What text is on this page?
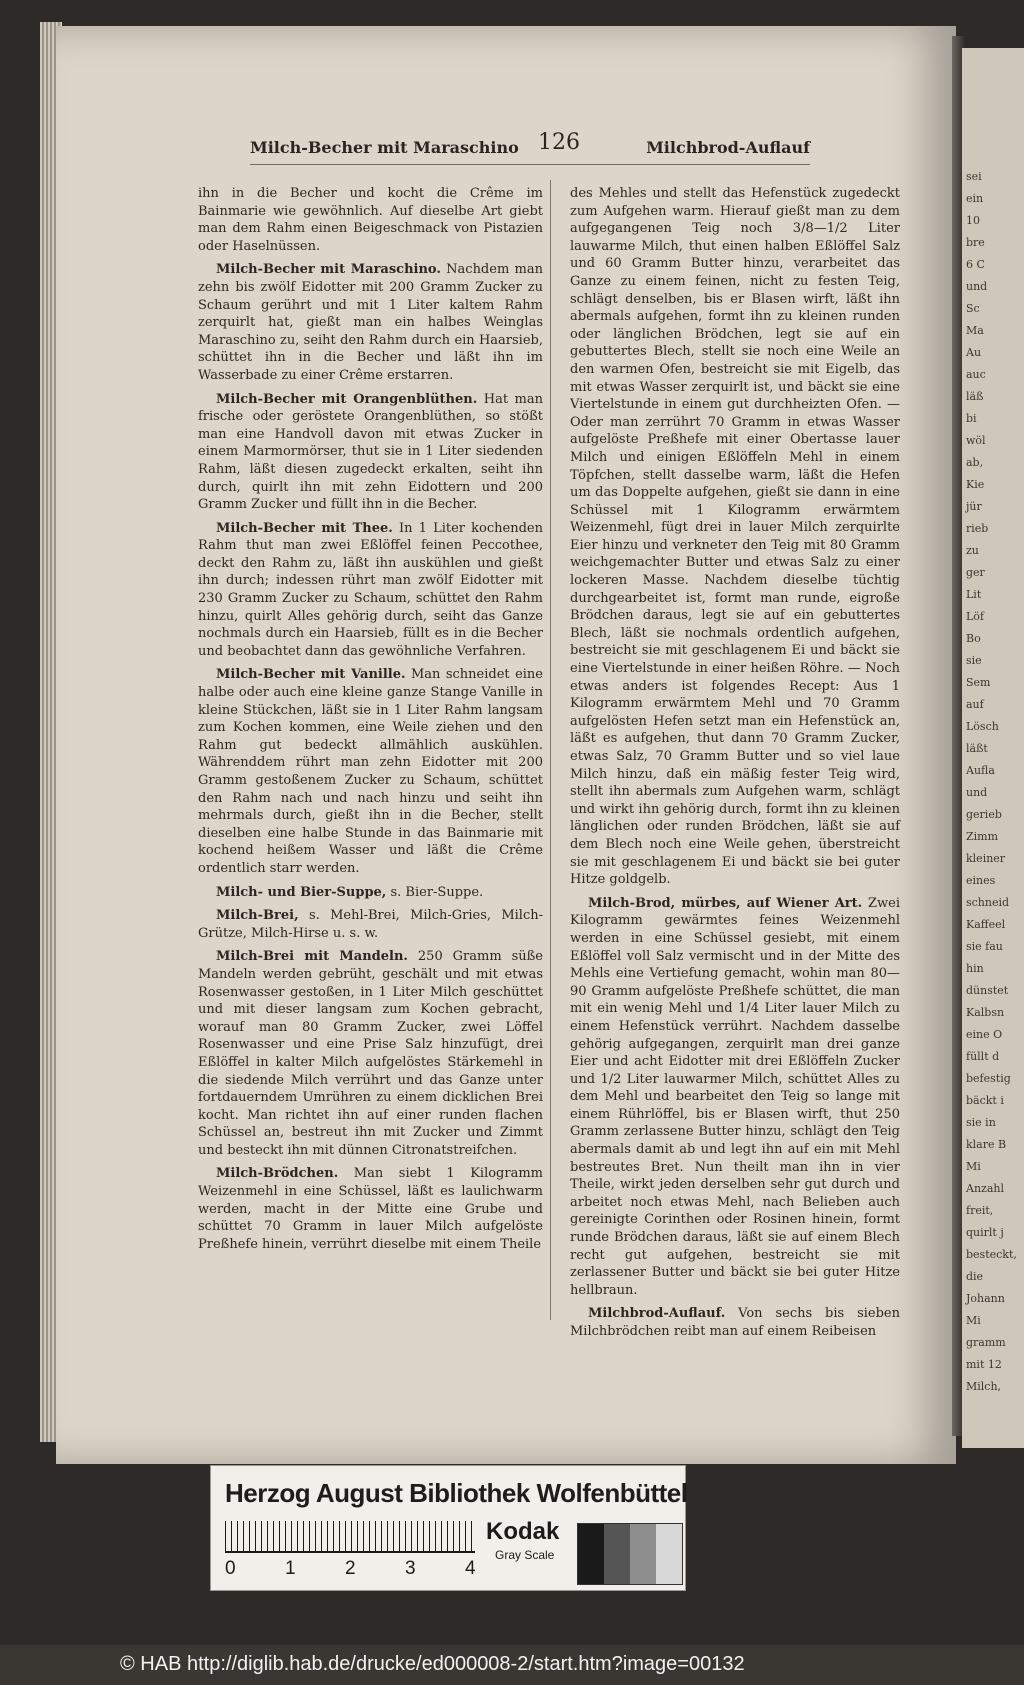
sei
ein
10
bre
6 C
und
Sc
Ma
Au
auc
läß
bi
wöl
ab,
Kie
jür
rieb
zu
ger
Lit
Löf
Bo
sie
Sem
auf
Lösch
läßt
Aufla
und
gerieb
Zimm
kleiner
eines
schneid
Kaffeel
sie fau
hin
dünstet
Kalbsn
eine O
füllt d
befestig
bäckt i
sie in
klare B
Mi
Anzahl
freit,
quirlt j
besteckt,
die
Johann
Mi
gramm
mit 12
Milch,
Milch-Becher mit Maraschino 126	Milchbrod-Auflauf

ihn in die Becher und kocht die Crême im Bainmarie wie gewöhnlich. Auf dieselbe Art giebt man dem Rahm einen Beigeschmack von Pistazien oder Haselnüssen.

Milch-Becher mit Maraschino. Nachdem man zehn bis zwölf Eidotter mit 200 Gramm Zucker zu Schaum gerührt und mit 1 Liter kaltem Rahm zerquirlt hat, gießt man ein halbes Weinglas Maraschino zu, seiht den Rahm durch ein Haarsieb, schüttet ihn in die Becher und läßt ihn im Wasserbade zu einer Crême erstarren.

Milch-Becher mit Orangenblüthen. Hat man frische oder geröstete Orangenblüthen, so stößt man eine Handvoll davon mit etwas Zucker in einem Marmormörser, thut sie in 1 Liter siedenden Rahm, läßt diesen zugedeckt erkalten, seiht ihn durch, quirlt ihn mit zehn Eidottern und 200 Gramm Zucker und füllt ihn in die Becher.

Milch-Becher mit Thee. In 1 Liter kochenden Rahm thut man zwei Eßlöffel feinen Peccothee, deckt den Rahm zu, läßt ihn auskühlen und gießt ihn durch; indessen rührt man zwölf Eidotter mit 230 Gramm Zucker zu Schaum, schüttet den Rahm hinzu, quirlt Alles gehörig durch, seiht das Ganze nochmals durch ein Haarsieb, füllt es in die Becher und beobachtet dann das gewöhnliche Verfahren.

Milch-Becher mit Vanille. Man schneidet eine halbe oder auch eine kleine ganze Stange Vanille in kleine Stückchen, läßt sie in 1 Liter Rahm langsam zum Kochen kommen, eine Weile ziehen und den Rahm gut bedeckt allmählich auskühlen. Währenddem rührt man zehn Eidotter mit 200 Gramm gestoßenem Zucker zu Schaum, schüttet den Rahm nach und nach hinzu und seiht ihn mehrmals durch, gießt ihn in die Becher, stellt dieselben eine halbe Stunde in das Bainmarie mit kochend heißem Wasser und läßt die Crême ordentlich starr werden.

Milch- und Bier-Suppe, s. Bier-Suppe.

Milch-Brei, s. Mehl-Brei, Milch-Gries, Milch-Grütze, Milch-Hirse u. s. w.

Milch-Brei mit Mandeln. 250 Gramm süße Mandeln werden gebrüht, geschält und mit etwas Rosenwasser gestoßen, in 1 Liter Milch geschüttet und mit dieser langsam zum Kochen gebracht, worauf man 80 Gramm Zucker, zwei Löffel Rosenwasser und eine Prise Salz hinzufügt, drei Eßlöffel in kalter Milch aufgelöstes Stärkemehl in die siedende Milch verrührt und das Ganze unter fortdauerndem Umrühren zu einem dicklichen Brei kocht. Man richtet ihn auf einer runden flachen Schüssel an, bestreut ihn mit Zucker und Zimmt und besteckt ihn mit dünnen Citronatstreifchen.

Milch-Brödchen. Man siebt 1 Kilogramm Weizenmehl in eine Schüssel, läßt es laulichwarm werden, macht in der Mitte eine Grube und schüttet 70 Gramm in lauer Milch aufgelöste Preßhefe hinein, verrührt dieselbe mit einem Theile

des Mehles und stellt das Hefenstück zugedeckt zum Aufgehen warm. Hierauf gießt man zu dem aufgegangenen Teig noch 3/8—1/2 Liter lauwarme Milch, thut einen halben Eßlöffel Salz und 60 Gramm Butter hinzu, verarbeitet das Ganze zu einem feinen, nicht zu festen Teig, schlägt denselben, bis er Blasen wirft, läßt ihn abermals aufgehen, formt ihn zu kleinen runden oder länglichen Brödchen, legt sie auf ein gebuttertes Blech, stellt sie noch eine Weile an den warmen Ofen, bestreicht sie mit Eigelb, das mit etwas Wasser zerquirlt ist, und bäckt sie eine Viertelstunde in einem gut durchheizten Ofen. — Oder man zerrührt 70 Gramm in etwas Wasser aufgelöste Preßhefe mit einer Obertasse lauer Milch und einigen Eßlöffeln Mehl in einem Töpfchen, stellt dasselbe warm, läßt die Hefen um das Doppelte aufgehen, gießt sie dann in eine Schüssel mit 1 Kilogramm erwärmtem Weizenmehl, fügt drei in lauer Milch zerquirlte Eier hinzu und verkneteт den Teig mit 80 Gramm weichgemachter Butter und etwas Salz zu einer lockeren Masse. Nachdem dieselbe tüchtig durchgearbeitet ist, formt man runde, eigroße Brödchen daraus, legt sie auf ein gebuttertes Blech, läßt sie nochmals ordentlich aufgehen, bestreicht sie mit geschlagenem Ei und bäckt sie eine Viertelstunde in einer heißen Röhre. — Noch etwas anders ist folgendes Recept: Aus 1 Kilogramm erwärmtem Mehl und 70 Gramm aufgelösten Hefen setzt man ein Hefenstück an, läßt es aufgehen, thut dann 70 Gramm Zucker, etwas Salz, 70 Gramm Butter und so viel laue Milch hinzu, daß ein mäßig fester Teig wird, stellt ihn abermals zum Aufgehen warm, schlägt und wirkt ihn gehörig durch, formt ihn zu kleinen länglichen oder runden Brödchen, läßt sie auf dem Blech noch eine Weile gehen, überstreicht sie mit geschlagenem Ei und bäckt sie bei guter Hitze goldgelb.

Milch-Brod, mürbes, auf Wiener Art. Zwei Kilogramm gewärmtes feines Weizenmehl werden in eine Schüssel gesiebt, mit einem Eßlöffel voll Salz vermischt und in der Mitte des Mehls eine Vertiefung gemacht, wohin man 80—90 Gramm aufgelöste Preßhefe schüttet, die man mit ein wenig Mehl und 1/4 Liter lauer Milch zu einem Hefenstück verrührt. Nachdem dasselbe gehörig aufgegangen, zerquirlt man drei ganze Eier und acht Eidotter mit drei Eßlöffeln Zucker und 1/2 Liter lauwarmer Milch, schüttet Alles zu dem Mehl und bearbeitet den Teig so lange mit einem Rührlöffel, bis er Blasen wirft, thut 250 Gramm zerlassene Butter hinzu, schlägt den Teig abermals damit ab und legt ihn auf ein mit Mehl bestreutes Bret. Nun theilt man ihn in vier Theile, wirkt jeden derselben sehr gut durch und arbeitet noch etwas Mehl, nach Belieben auch gereinigte Corinthen oder Rosinen hinein, formt runde Brödchen daraus, läßt sie auf einem Blech recht gut aufgehen, bestreicht sie mit zerlassener Butter und bäckt sie bei guter Hitze hellbraun.

Milchbrod-Auflauf. Von sechs bis sieben Milchbrödchen reibt man auf einem Reibeisen

Herzog August Bibliothek Wolfenbüttel
0	1	2	3	4
Kodak
Gray Scale
© HAB http://diglib.hab.de/drucke/ed000008-2/start.htm?image=00132
